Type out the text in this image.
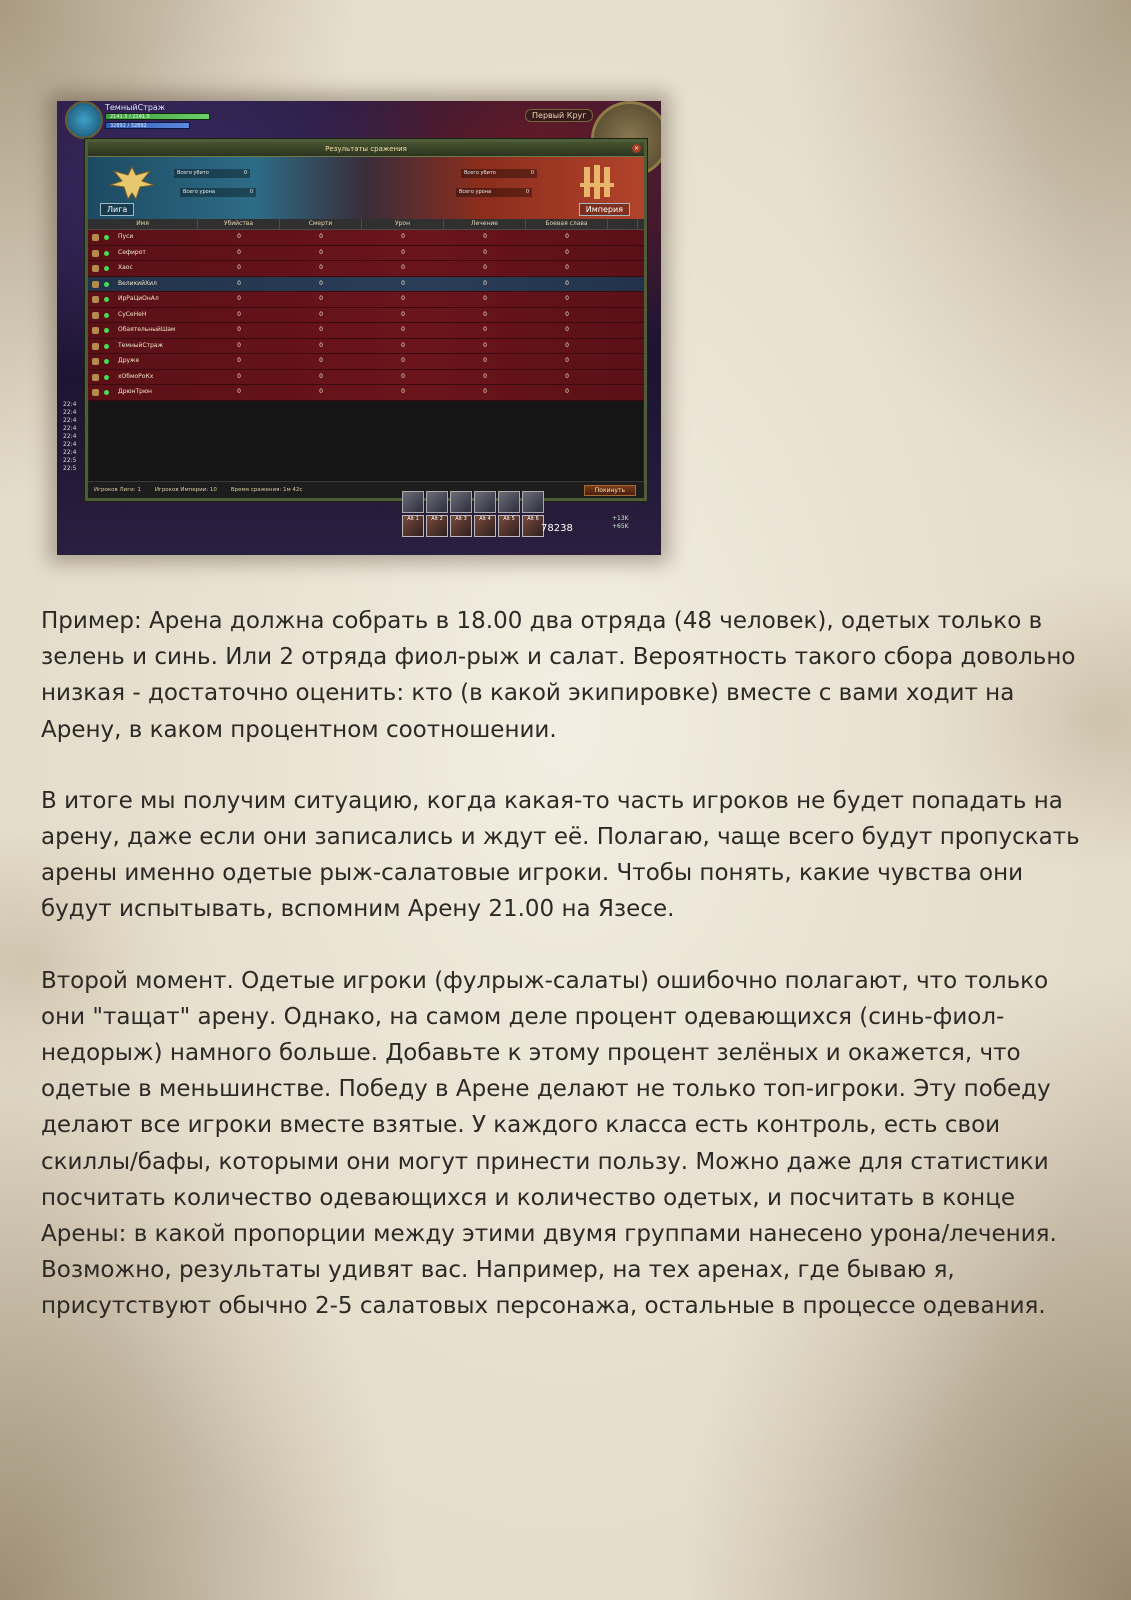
ТемныйСтраж
2141.5 / 2141.5
32892 / 32892
Первый Круг
22:4
22:4
22:4
22:4
22:4
22:4
22:4
22:5
22:5
Результаты сражения	×
Всего убито	0
Всего урона	0
Лига
Всего убито	0
Всего урона	0
Империя
Имя	Убийства	Смерти	Урон	Лечение	Боевая слава
Пуси	0	0	0	0	0
Сефирот	0	0	0	0	0
Хаос	0	0	0	0	0
ВеликийХил	0	0	0	0	0
ИрРаЦиОнАл	0	0	0	0	0
СуСеНеН	0	0	0	0	0
ОбаятельныйШам	0	0	0	0	0
ТемныйСтраж	0	0	0	0	0
Друже	0	0	0	0	0
хОбмоРоКх	0	0	0	0	0
ДрюнТрюн	0	0	0	0	0
Игроков Лиги: 1	Игроков Империи: 10	Время сражения: 1м 42с	Покинуть
Alt 1	Alt 2	Alt 3	Alt 4	Alt 5	Alt 6
78238
+13K
+65K

Пример: Арена должна собрать в 18.00 два отряда (48 человек), одетых только в зелень и синь. Или 2 отряда фиол-рыж и салат. Вероятность такого сбора довольно низкая - достаточно оценить: кто (в какой экипировке) вместе с вами ходит на Арену, в каком процентном соотношении.

В итоге мы получим ситуацию, когда какая-то часть игроков не будет попадать на арену, даже если они записались и ждут её. Полагаю, чаще всего будут пропускать арены именно одетые рыж-салатовые игроки. Чтобы понять, какие чувства они будут испытывать, вспомним Арену 21.00 на Язесе.

Второй момент. Одетые игроки (фулрыж-салаты) ошибочно полагают, что только они "тащат" арену. Однако, на самом деле процент одевающихся (синь-фиол-недорыж) намного больше. Добавьте к этому процент зелёных и окажется, что одетые в меньшинстве. Победу в Арене делают не только топ-игроки. Эту победу делают все игроки вместе взятые. У каждого класса есть контроль, есть свои скиллы/бафы, которыми они могут принести пользу. Можно даже для статистики посчитать количество одевающихся и количество одетых, и посчитать в конце Арены: в какой пропорции между этими двумя группами нанесено урона/лечения. Возможно, результаты удивят вас. Например, на тех аренах, где бываю я, присутствуют обычно 2-5 салатовых персонажа, остальные в процессе одевания.
